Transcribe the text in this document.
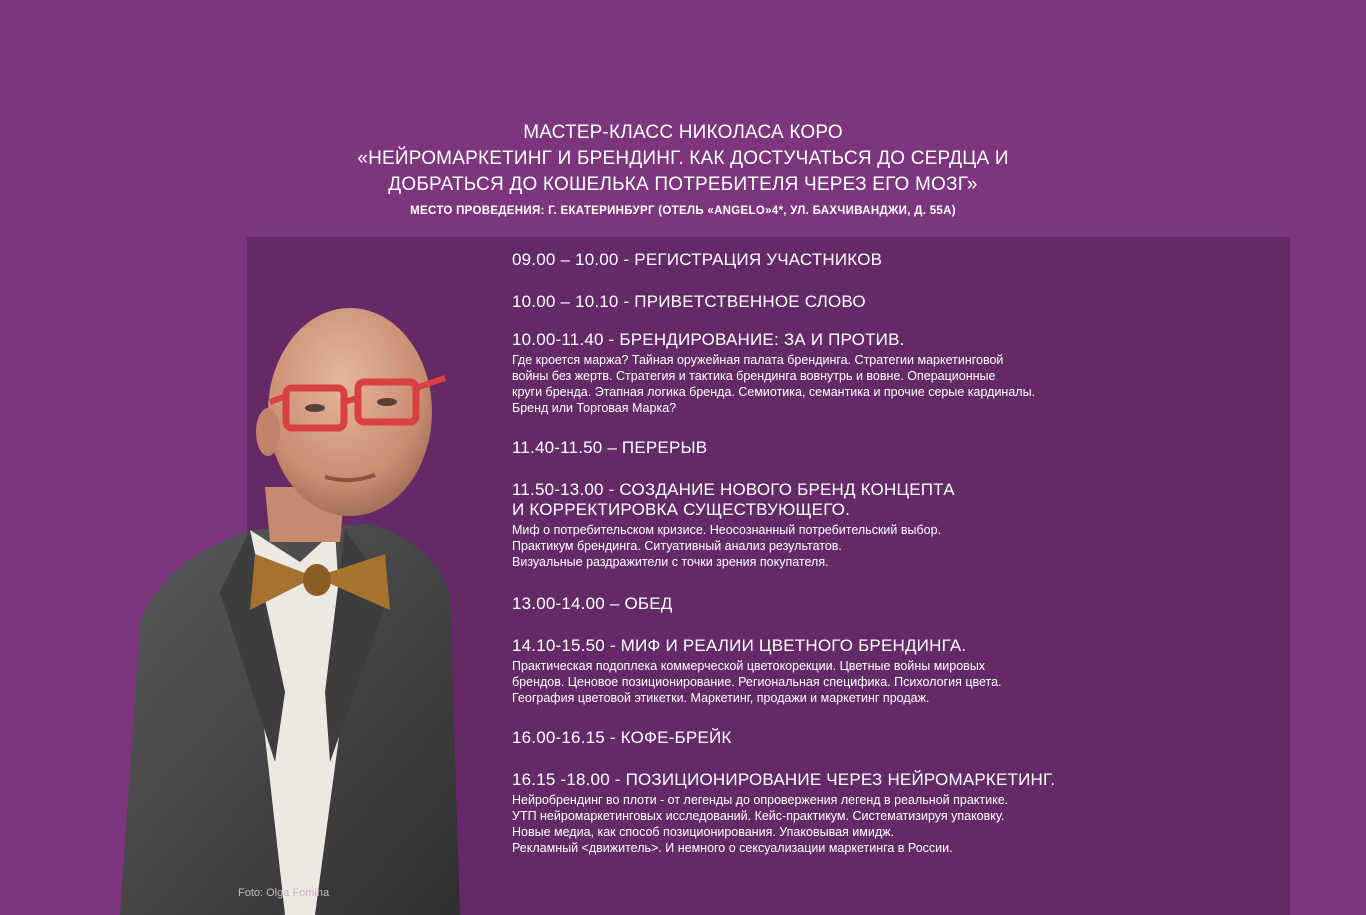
МАСТЕР-КЛАСС НИКОЛАСА КОРО
«НЕЙРОМАРКЕТИНГ И БРЕНДИНГ. КАК ДОСТУЧАТЬСЯ ДО СЕРДЦА И
ДОБРАТЬСЯ ДО КОШЕЛЬКА ПОТРЕБИТЕЛЯ ЧЕРЕЗ ЕГО МОЗГ»
МЕСТО ПРОВЕДЕНИЯ: Г. ЕКАТЕРИНБУРГ (ОТЕЛЬ «ANGELO»4*, УЛ. БАХЧИВАНДЖИ, Д. 55А)
Foto: Olga Fomina
09.00 – 10.00 - РЕГИСТРАЦИЯ УЧАСТНИКОВ
10.00 – 10.10 - ПРИВЕТСТВЕННОЕ СЛОВО
10.00-11.40 - БРЕНДИРОВАНИЕ: ЗА И ПРОТИВ.
Где кроется маржа? Тайная оружейная палата брендинга. Стратегии маркетинговой
войны без жертв. Стратегия и тактика брендинга вовнутрь и вовне. Операционные
круги бренда. Этапная логика бренда. Семиотика, семантика и прочие серые кардиналы.
Бренд или Торговая Марка?
11.40-11.50 – ПЕРЕРЫВ
11.50-13.00 - СОЗДАНИЕ НОВОГО БРЕНД КОНЦЕПТА
И КОРРЕКТИРОВКА СУЩЕСТВУЮЩЕГО.
Миф о потребительском кризисе. Неосознанный потребительский выбор.
Практикум брендинга. Ситуативный анализ результатов.
Визуальные раздражители с точки зрения покупателя.
13.00-14.00 – ОБЕД
14.10-15.50 - МИФ И РЕАЛИИ ЦВЕТНОГО БРЕНДИНГА.
Практическая подоплека коммерческой цветокорекции. Цветные войны мировых
брендов. Ценовое позиционирование. Региональная специфика. Психология цвета.
География цветовой этикетки. Маркетинг, продажи и маркетинг продаж.
16.00-16.15 - КОФЕ-БРЕЙК
16.15 -18.00 - ПОЗИЦИОНИРОВАНИЕ ЧЕРЕЗ НЕЙРОМАРКЕТИНГ.
Нейробрендинг во плоти - от легенды до опровержения легенд в реальной практике.
УТП нейромаркетинговых исследований. Кейс-практикум. Систематизируя упаковку.
Новые медиа, как способ позиционирования. Упаковывая имидж.
Рекламный <движитель>. И немного о сексуализации маркетинга в России.
